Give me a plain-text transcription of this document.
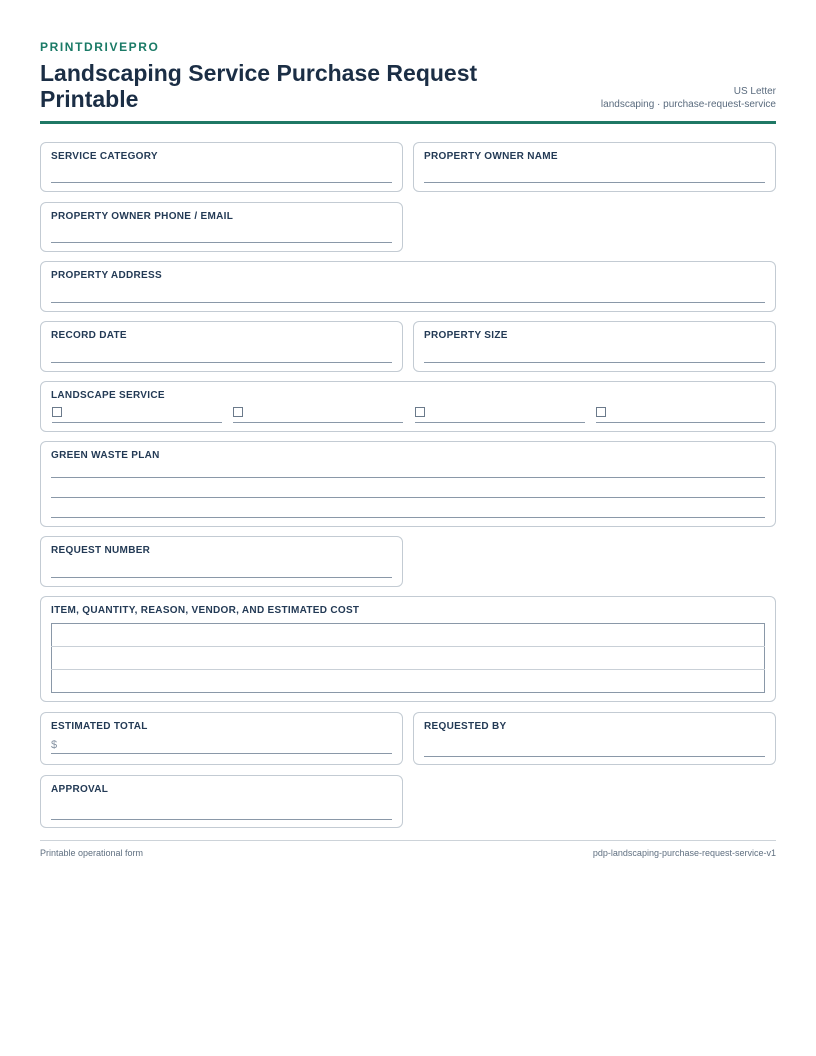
PRINTDRIVEPRO
Landscaping Service Purchase Request Printable	US Letter
landscaping · purchase-request-service
SERVICE CATEGORY	PROPERTY OWNER NAME
PROPERTY OWNER PHONE / EMAIL
PROPERTY ADDRESS
RECORD DATE	PROPERTY SIZE
LANDSCAPE SERVICE
GREEN WASTE PLAN
REQUEST NUMBER
ITEM, QUANTITY, REASON, VENDOR, AND ESTIMATED COST

ESTIMATED TOTAL
$
REQUESTED BY
APPROVAL
Printable operational form	pdp-landscaping-purchase-request-service-v1
